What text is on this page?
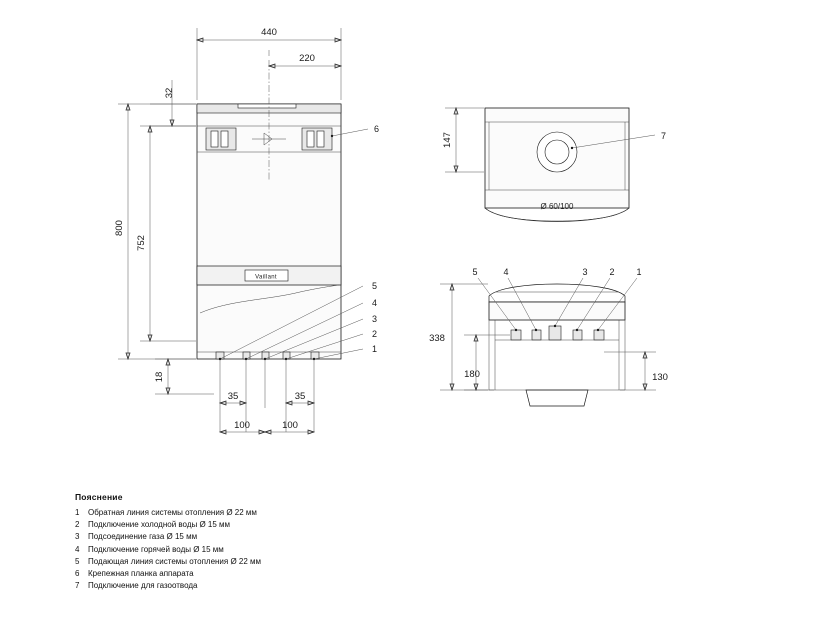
Vaillant
440
220
32
800
752
18
35	35
100	100
6
5
4
3
2
1
Ø 60/100
147	7
338
180	130
5	4	3 2 1
Пояснение
1	Обратная линия системы отопления Ø 22 мм
2	Подключение холодной воды Ø 15 мм
3	Подсоединение газа Ø 15 мм
4	Подключение горячей воды Ø 15 мм
5	Подающая линия системы отопления Ø 22 мм
6	Крепежная планка аппарата
7	Подключение для газоотвода
